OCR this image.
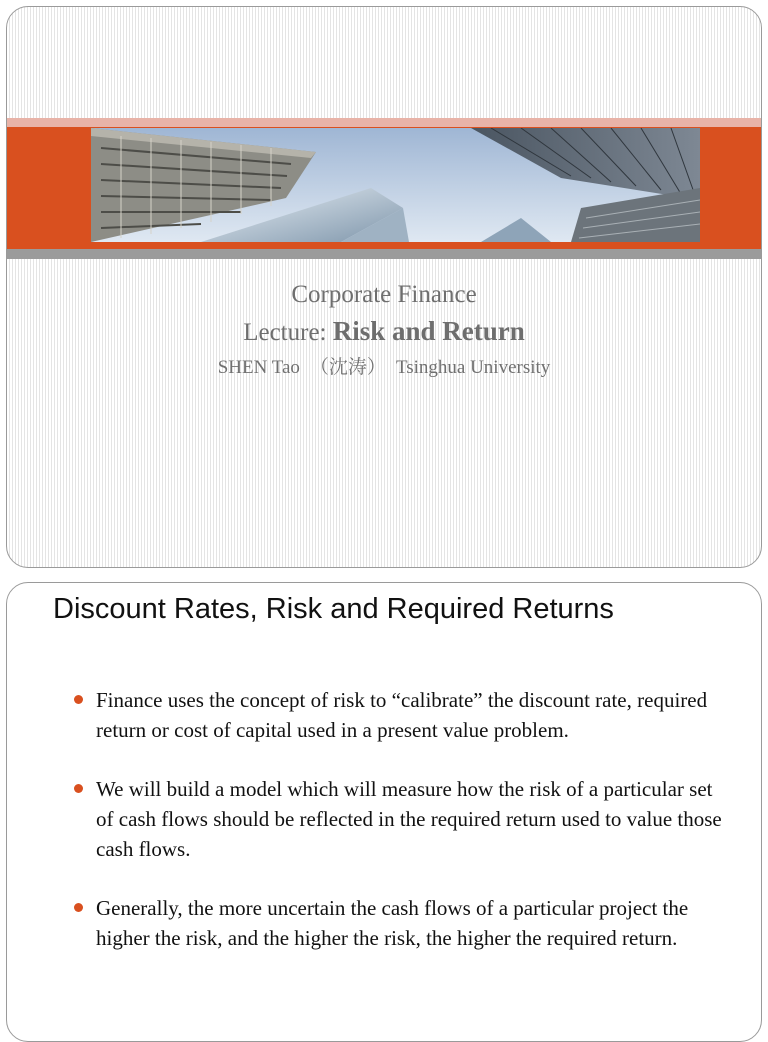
Corporate Finance
Lecture: Risk and Return
SHEN Tao （沈涛） Tsinghua University
Discount Rates, Risk and Required Returns
Finance uses the concept of risk to “calibrate” the discount rate, required return or cost of capital used in a present value problem.
We will build a model which will measure how the risk of a particular set of cash flows should be reflected in the required return used to value those cash flows.
Generally, the more uncertain the cash flows of a particular project the higher the risk, and the higher the risk, the higher the required return.
